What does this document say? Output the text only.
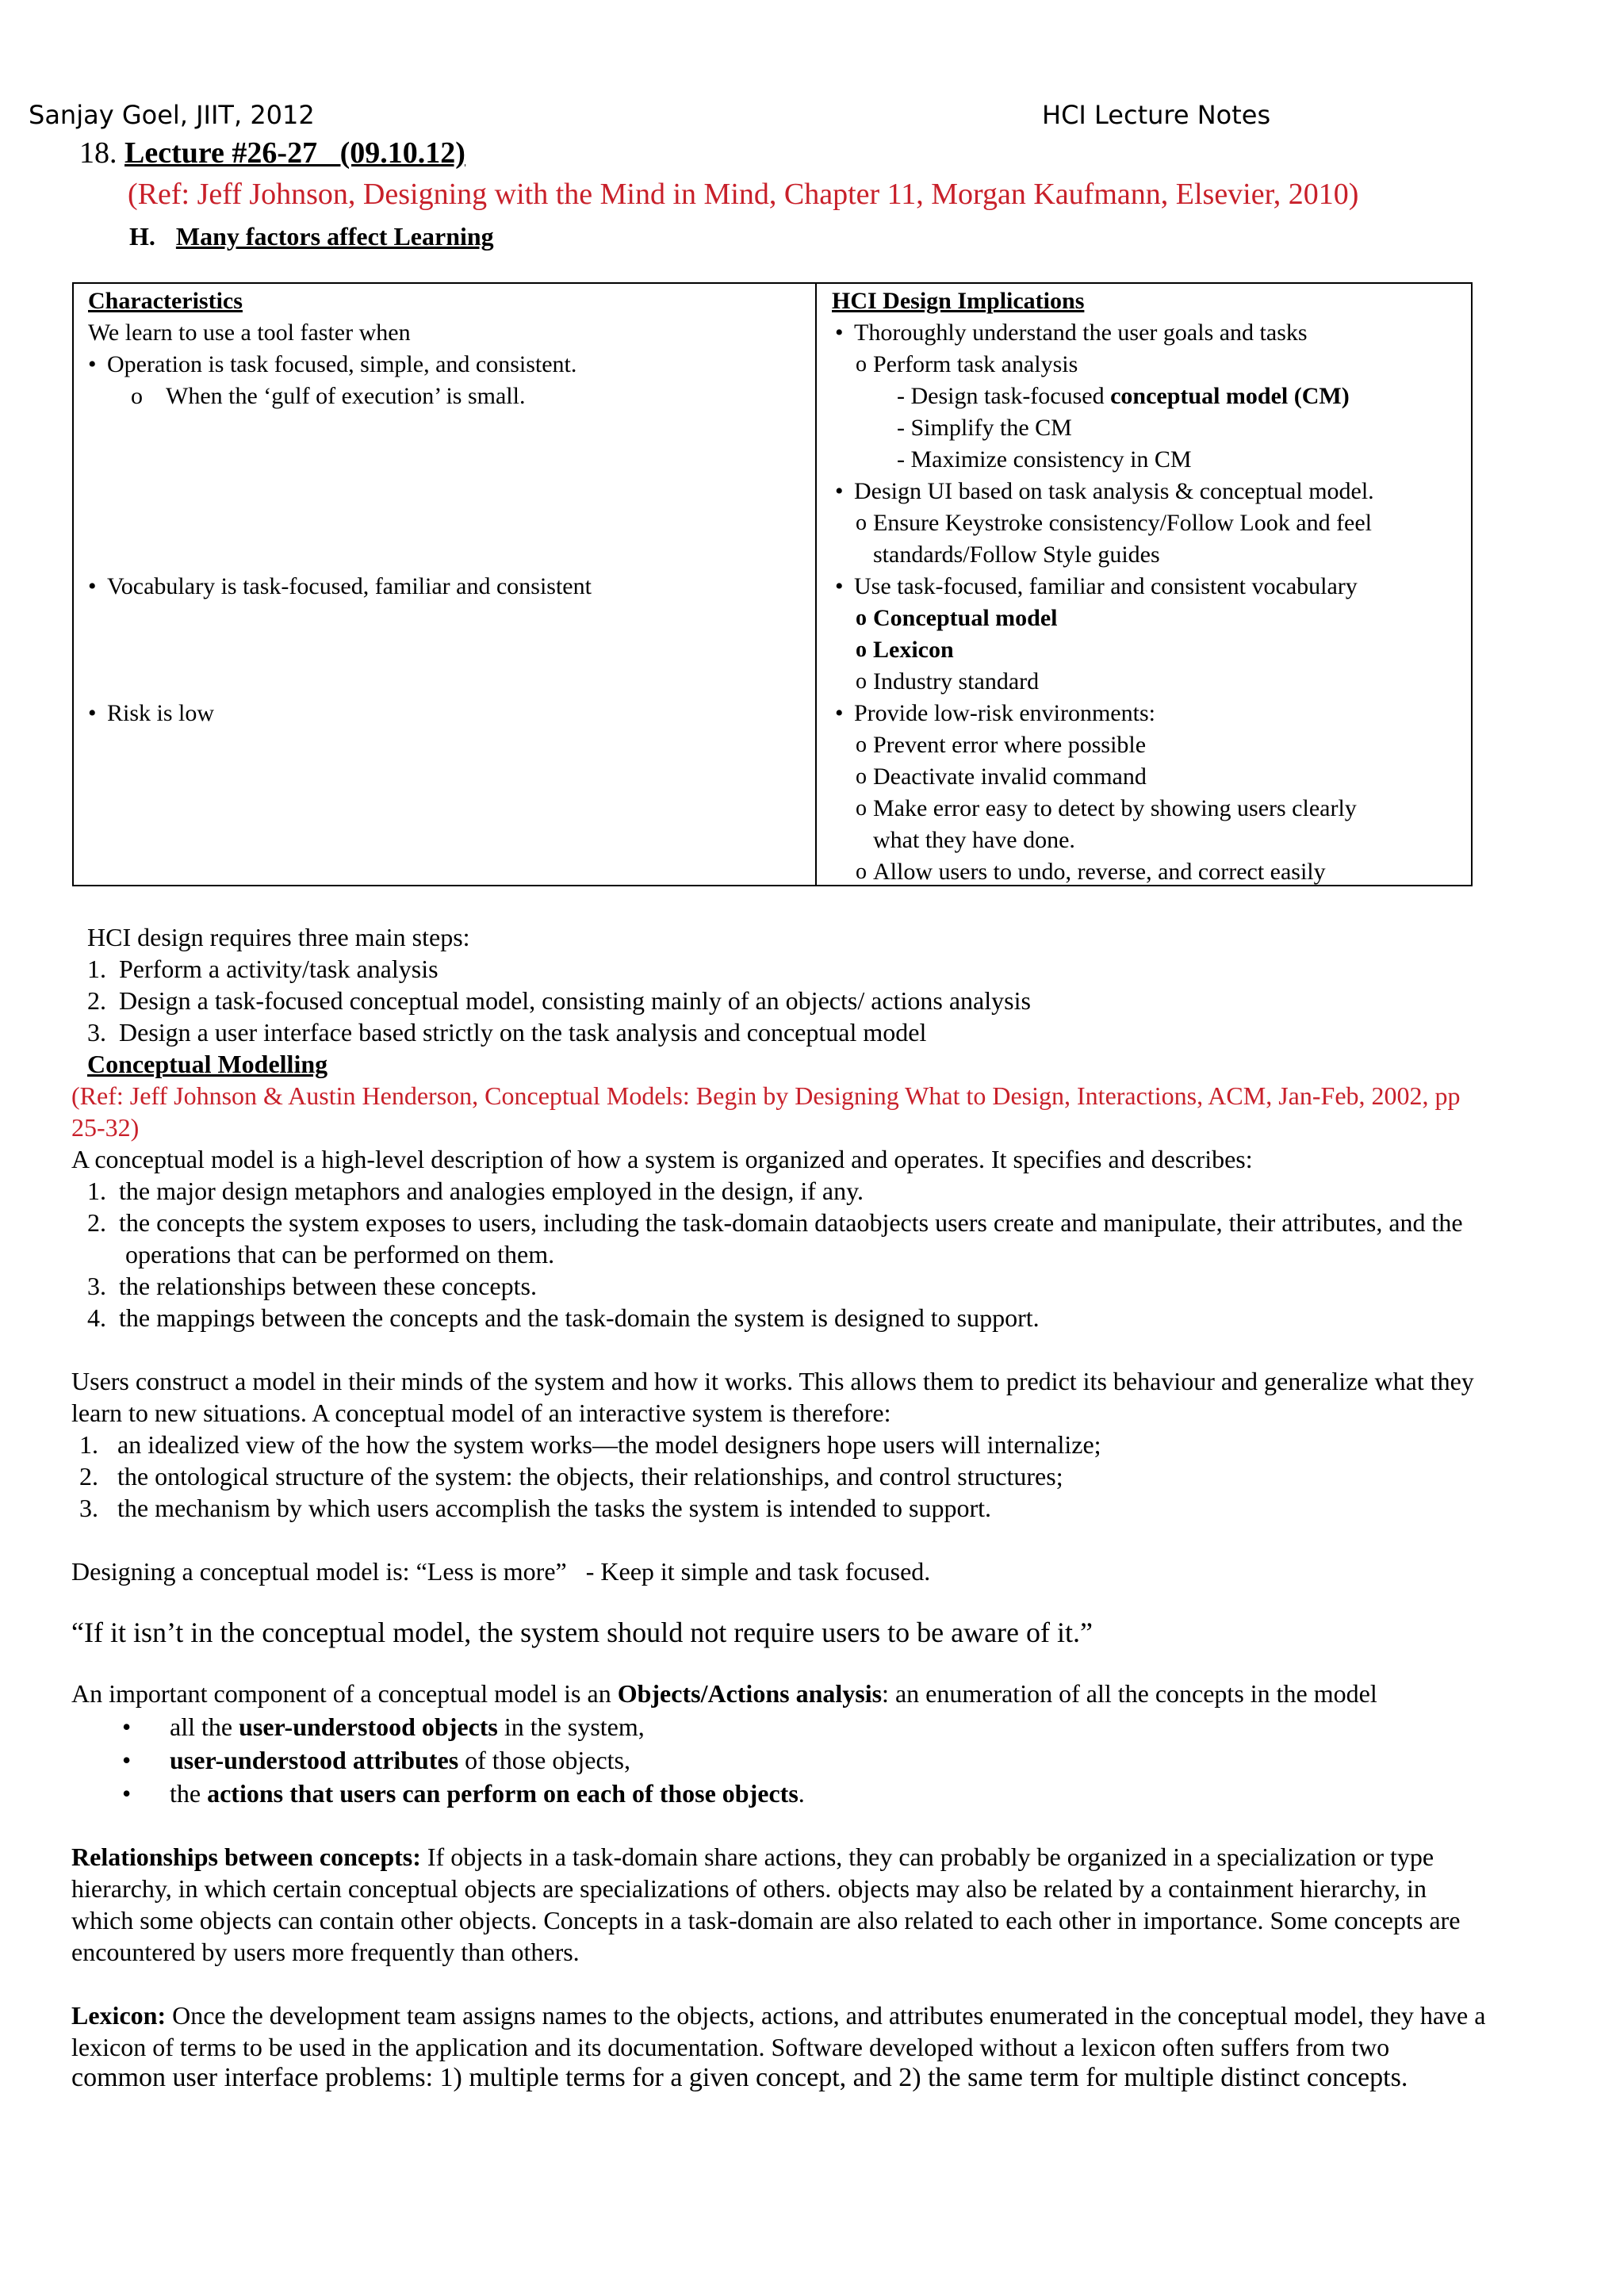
Sanjay Goel, JIIT, 2012	HCI Lecture Notes
18. Lecture #26-27   (09.10.12)
(Ref: Jeff Johnson, Designing with the Mind in Mind, Chapter 11, Morgan Kaufmann, Elsevier, 2010)
H. Many factors affect Learning
Characteristics
We learn to use a tool faster when
• Operation is task focused, simple, and consistent.
o When the ‘gulf of execution’ is small.
• Vocabulary is task-focused, familiar and consistent
• Risk is low
HCI Design Implications
• Thoroughly understand the user goals and tasks
o Perform task analysis
- Design task-focused conceptual model (CM)
- Simplify the CM
- Maximize consistency in CM
• Design UI based on task analysis & conceptual model.
o Ensure Keystroke consistency/Follow Look and feel
standards/Follow Style guides
• Use task-focused, familiar and consistent vocabulary
o Conceptual model
o Lexicon
o Industry standard
• Provide low-risk environments:
o Prevent error where possible
o Deactivate invalid command
o Make error easy to detect by showing users clearly
what they have done.
o Allow users to undo, reverse, and correct easily
HCI design requires three main steps:
1.  Perform a activity/task analysis
2.  Design a task-focused conceptual model, consisting mainly of an objects/ actions analysis
3.  Design a user interface based strictly on the task analysis and conceptual model
Conceptual Modelling
(Ref: Jeff Johnson & Austin Henderson, Conceptual Models: Begin by Designing What to Design, Interactions, ACM, Jan-Feb, 2002, pp
25-32)
A conceptual model is a high-level description of how a system is organized and operates. It specifies and describes:
1.  the major design metaphors and analogies employed in the design, if any.
2.  the concepts the system exposes to users, including the task-domain dataobjects users create and manipulate, their attributes, and the
operations that can be performed on them.
3.  the relationships between these concepts.
4.  the mappings between the concepts and the task-domain the system is designed to support.
Users construct a model in their minds of the system and how it works. This allows them to predict its behaviour and generalize what they
learn to new situations. A conceptual model of an interactive system is therefore:
1.   an idealized view of the how the system works—the model designers hope users will internalize;
2.   the ontological structure of the system: the objects, their relationships, and control structures;
3.   the mechanism by which users accomplish the tasks the system is intended to support.
Designing a conceptual model is: “Less is more”   - Keep it simple and task focused.
“If it isn’t in the conceptual model, the system should not require users to be aware of it.”
An important component of a conceptual model is an Objects/Actions analysis: an enumeration of all the concepts in the model
• all the user-understood objects in the system,
• user-understood attributes of those objects,
• the actions that users can perform on each of those objects.
Relationships between concepts: If objects in a task-domain share actions, they can probably be organized in a specialization or type
hierarchy, in which certain conceptual objects are specializations of others. objects may also be related by a containment hierarchy, in
which some objects can contain other objects. Concepts in a task-domain are also related to each other in importance. Some concepts are
encountered by users more frequently than others.
Lexicon: Once the development team assigns names to the objects, actions, and attributes enumerated in the conceptual model, they have a
lexicon of terms to be used in the application and its documentation. Software developed without a lexicon often suffers from two
common user interface problems: 1) multiple terms for a given concept, and 2) the same term for multiple distinct concepts.
